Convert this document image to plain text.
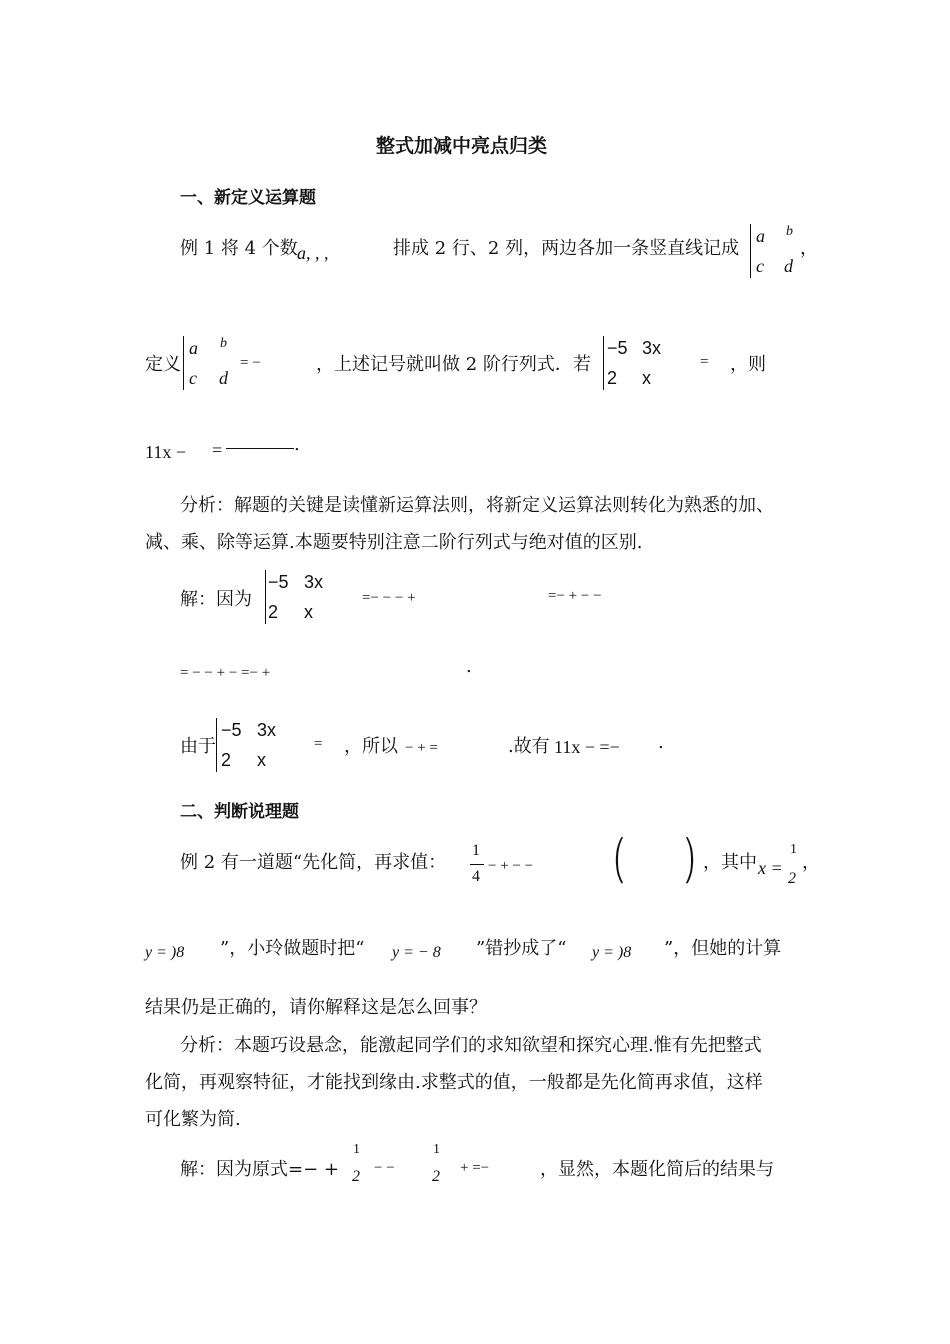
整式加减中亮点归类
一、新定义运算题
例 1 将 4 个数 a, , ,	排成 2 行、2 列，两边各加一条竖直线记成
a b
c d
，
定义
a b
c d
= −	，上述记号就叫做 2 阶行列式．若
−5 3x
2 x
= ，则
11x − =	.
分析：解题的关键是读懂新运算法则，将新定义运算法则转化为熟悉的加、
减、乘、除等运算.本题要特别注意二阶行列式与绝对值的区别.
解：因为
−5 3x
2 x
=− − − +	=− + − −
= − − + − =− +	.
由于
−5 3x
2 x
= ，所以 − + =	.故有 11x − =− .
二、判断说理题
例 2 有一道题“先化简，再求值：
1
4
− + − −
⎛
⎝
⎞
⎠ ，其中 x =
1
2
，
y = )8 ”，小玲做题时把“ y = − 8 ”错抄成了“ y = )8 ”，但她的计算
结果仍是正确的，请你解释这是怎么回事？
分析：本题巧设悬念，能激起同学们的求知欲望和探究心理.惟有先把整式
化简，再观察特征，才能找到缘由.求整式的值，一般都是先化简再求值，这样
可化繁为简.
解：因为原式=− +
1
2 − −
1
2 + =−	，显然，本题化简后的结果与
